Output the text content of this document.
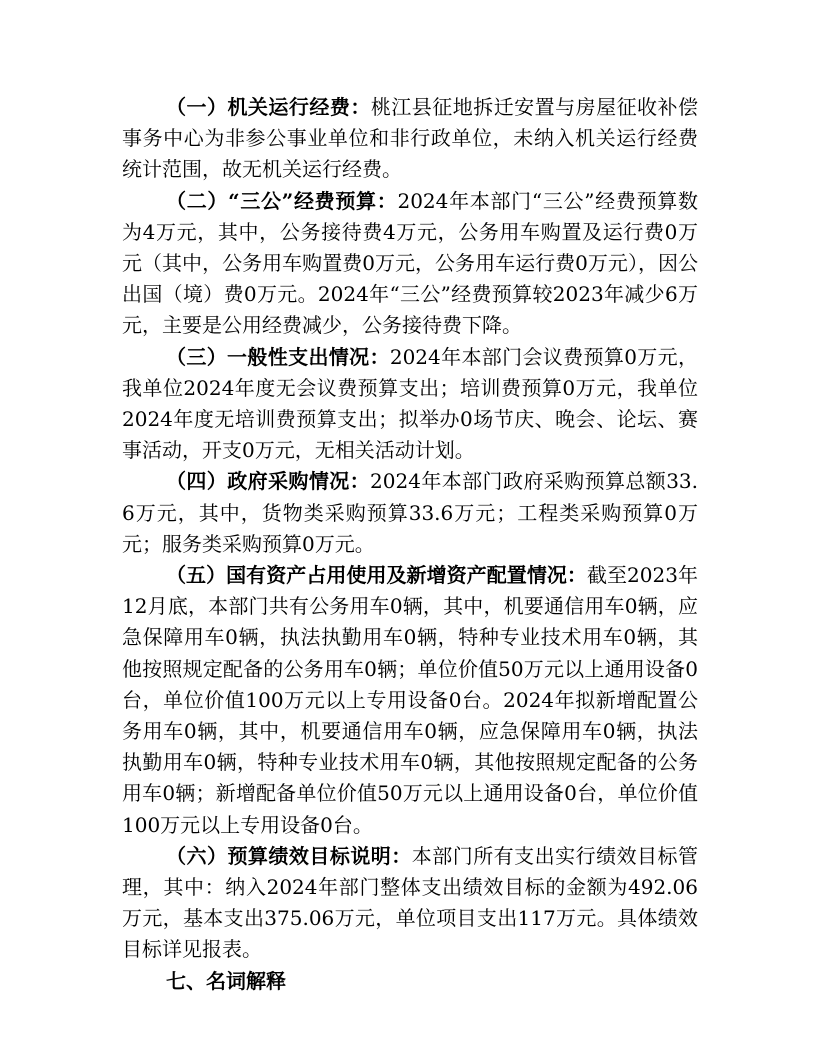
（一）机关运行经费：桃江县征地拆迁安置与房屋征收补偿事务中心为非参公事业单位和非行政单位，未纳入机关运行经费统计范围，故无机关运行经费。

（二）“三公”经费预算：2024年本部门“三公”经费预算数为4万元，其中，公务接待费4万元，公务用车购置及运行费0万元（其中，公务用车购置费0万元，公务用车运行费0万元），因公出国（境）费0万元。2024年“三公”经费预算较2023年减少6万元，主要是公用经费减少，公务接待费下降。

（三）一般性支出情况：2024年本部门会议费预算0万元，我单位2024年度无会议费预算支出；培训费预算0万元，我单位2024年度无培训费预算支出；拟举办0场节庆、晚会、论坛、赛事活动，开支0万元，无相关活动计划。

（四）政府采购情况：2024年本部门政府采购预算总额33.6万元，其中，货物类采购预算33.6万元；工程类采购预算0万元；服务类采购预算0万元。

（五）国有资产占用使用及新增资产配置情况：截至2023年12月底，本部门共有公务用车0辆，其中，机要通信用车0辆，应急保障用车0辆，执法执勤用车0辆，特种专业技术用车0辆，其他按照规定配备的公务用车0辆；单位价值50万元以上通用设备0台，单位价值100万元以上专用设备0台。2024年拟新增配置公务用车0辆，其中，机要通信用车0辆，应急保障用车0辆，执法执勤用车0辆，特种专业技术用车0辆，其他按照规定配备的公务用车0辆；新增配备单位价值50万元以上通用设备0台，单位价值100万元以上专用设备0台。

（六）预算绩效目标说明：本部门所有支出实行绩效目标管理，其中：纳入2024年部门整体支出绩效目标的金额为492.06万元，基本支出375.06万元，单位项目支出117万元。具体绩效目标详见报表。

七、名词解释
